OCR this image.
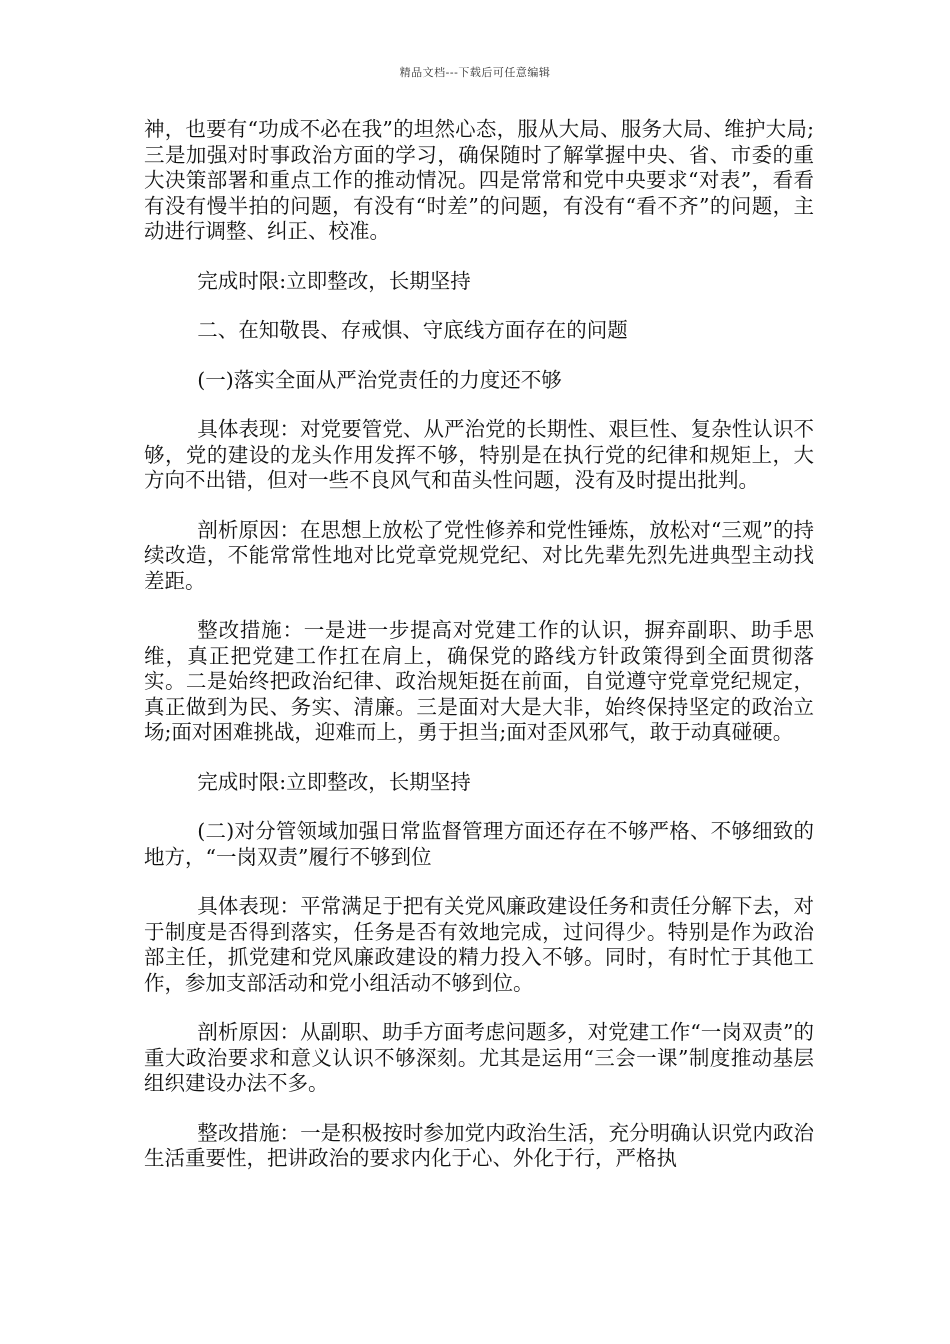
精品文档---下载后可任意编辑

神，也要有“功成不必在我”的坦然心态，服从大局、服务大局、维护大局;三是加强对时事政治方面的学习，确保随时了解掌握中央、省、市委的重大决策部署和重点工作的推动情况。四是常常和党中央要求“对表”，看看有没有慢半拍的问题，有没有“时差”的问题，有没有“看不齐”的问题，主动进行调整、纠正、校准。

完成时限:立即整改，长期坚持

二、在知敬畏、存戒惧、守底线方面存在的问题

(一)落实全面从严治党责任的力度还不够

具体表现：对党要管党、从严治党的长期性、艰巨性、复杂性认识不够，党的建设的龙头作用发挥不够，特别是在执行党的纪律和规矩上，大方向不出错，但对一些不良风气和苗头性问题，没有及时提出批判。

剖析原因：在思想上放松了党性修养和党性锤炼，放松对“三观”的持续改造，不能常常性地对比党章党规党纪、对比先辈先烈先进典型主动找差距。

整改措施：一是进一步提高对党建工作的认识，摒弃副职、助手思维，真正把党建工作扛在肩上，确保党的路线方针政策得到全面贯彻落实。二是始终把政治纪律、政治规矩挺在前面，自觉遵守党章党纪规定，真正做到为民、务实、清廉。三是面对大是大非，始终保持坚定的政治立场;面对困难挑战，迎难而上，勇于担当;面对歪风邪气，敢于动真碰硬。

完成时限:立即整改，长期坚持

(二)对分管领域加强日常监督管理方面还存在不够严格、不够细致的地方，“一岗双责”履行不够到位

具体表现：平常满足于把有关党风廉政建设任务和责任分解下去，对于制度是否得到落实，任务是否有效地完成，过问得少。特别是作为政治部主任，抓党建和党风廉政建设的精力投入不够。同时，有时忙于其他工作，参加支部活动和党小组活动不够到位。

剖析原因：从副职、助手方面考虑问题多，对党建工作“一岗双责”的重大政治要求和意义认识不够深刻。尤其是运用“三会一课”制度推动基层组织建设办法不多。

整改措施：一是积极按时参加党内政治生活，充分明确认识党内政治生活重要性，把讲政治的要求内化于心、外化于行，严格执
